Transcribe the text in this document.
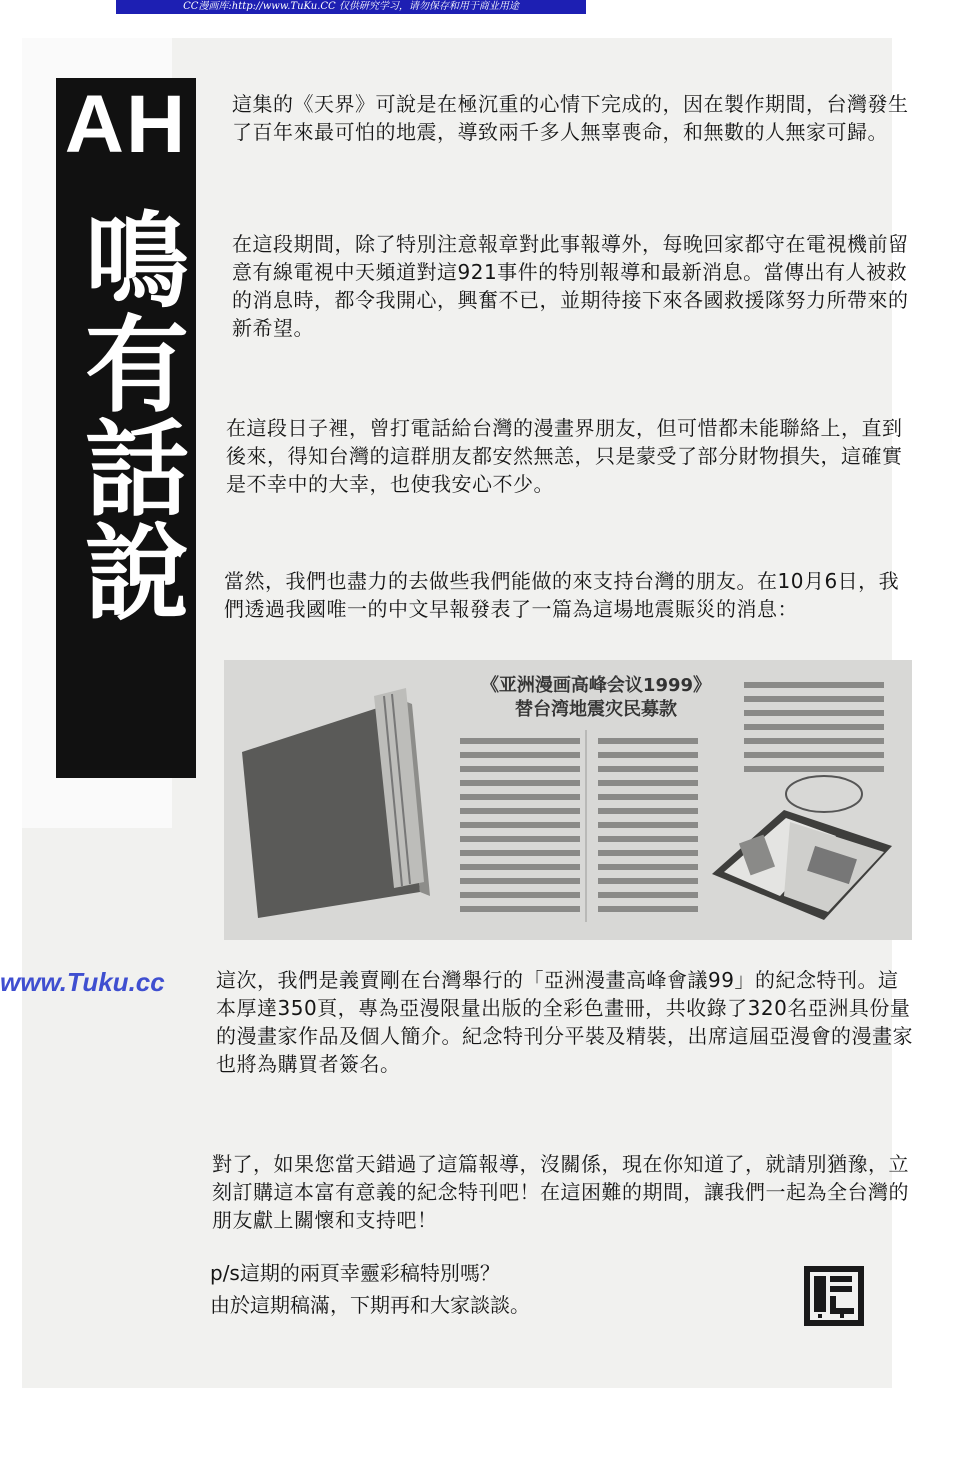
CC漫画库:http://www.TuKu.CC 仅供研究学习，请勿保存和用于商业用途
AH
鳴有話說

這集的《天界》可說是在極沉重的心情下完成的，因在製作期間，台灣發生了百年來最可怕的地震，導致兩千多人無辜喪命，和無數的人無家可歸。

在這段期間，除了特別注意報章對此事報導外，每晚回家都守在電視機前留意有線電視中天頻道對這921事件的特別報導和最新消息。當傳出有人被救的消息時，都令我開心，興奮不已，並期待接下來各國救援隊努力所帶來的新希望。

在這段日子裡，曾打電話給台灣的漫畫界朋友，但可惜都未能聯絡上，直到後來，得知台灣的這群朋友都安然無恙，只是蒙受了部分財物損失，這確實是不幸中的大幸，也使我安心不少。

當然，我們也盡力的去做些我們能做的來支持台灣的朋友。在10月6日，我們透過我國唯一的中文早報發表了一篇為這場地震賑災的消息：

《亚洲漫画高峰会议1999》
替台湾地震灾民募款
www.Tuku.cc	這次，我們是義賣剛在台灣舉行的「亞洲漫畫高峰會議99」的紀念特刊。這本厚達350頁，專為亞漫限量出版的全彩色畫冊，共收錄了320名亞洲具份量的漫畫家作品及個人簡介。紀念特刊分平裝及精裝，出席這屆亞漫會的漫畫家也將為購買者簽名。

對了，如果您當天錯過了這篇報導，沒關係，現在你知道了，就請別猶豫，立刻訂購這本富有意義的紀念特刊吧！在這困難的期間，讓我們一起為全台灣的朋友獻上關懷和支持吧！

p/s這期的兩頁幸靈彩稿特別嗎？

由於這期稿滿，下期再和大家談談。
